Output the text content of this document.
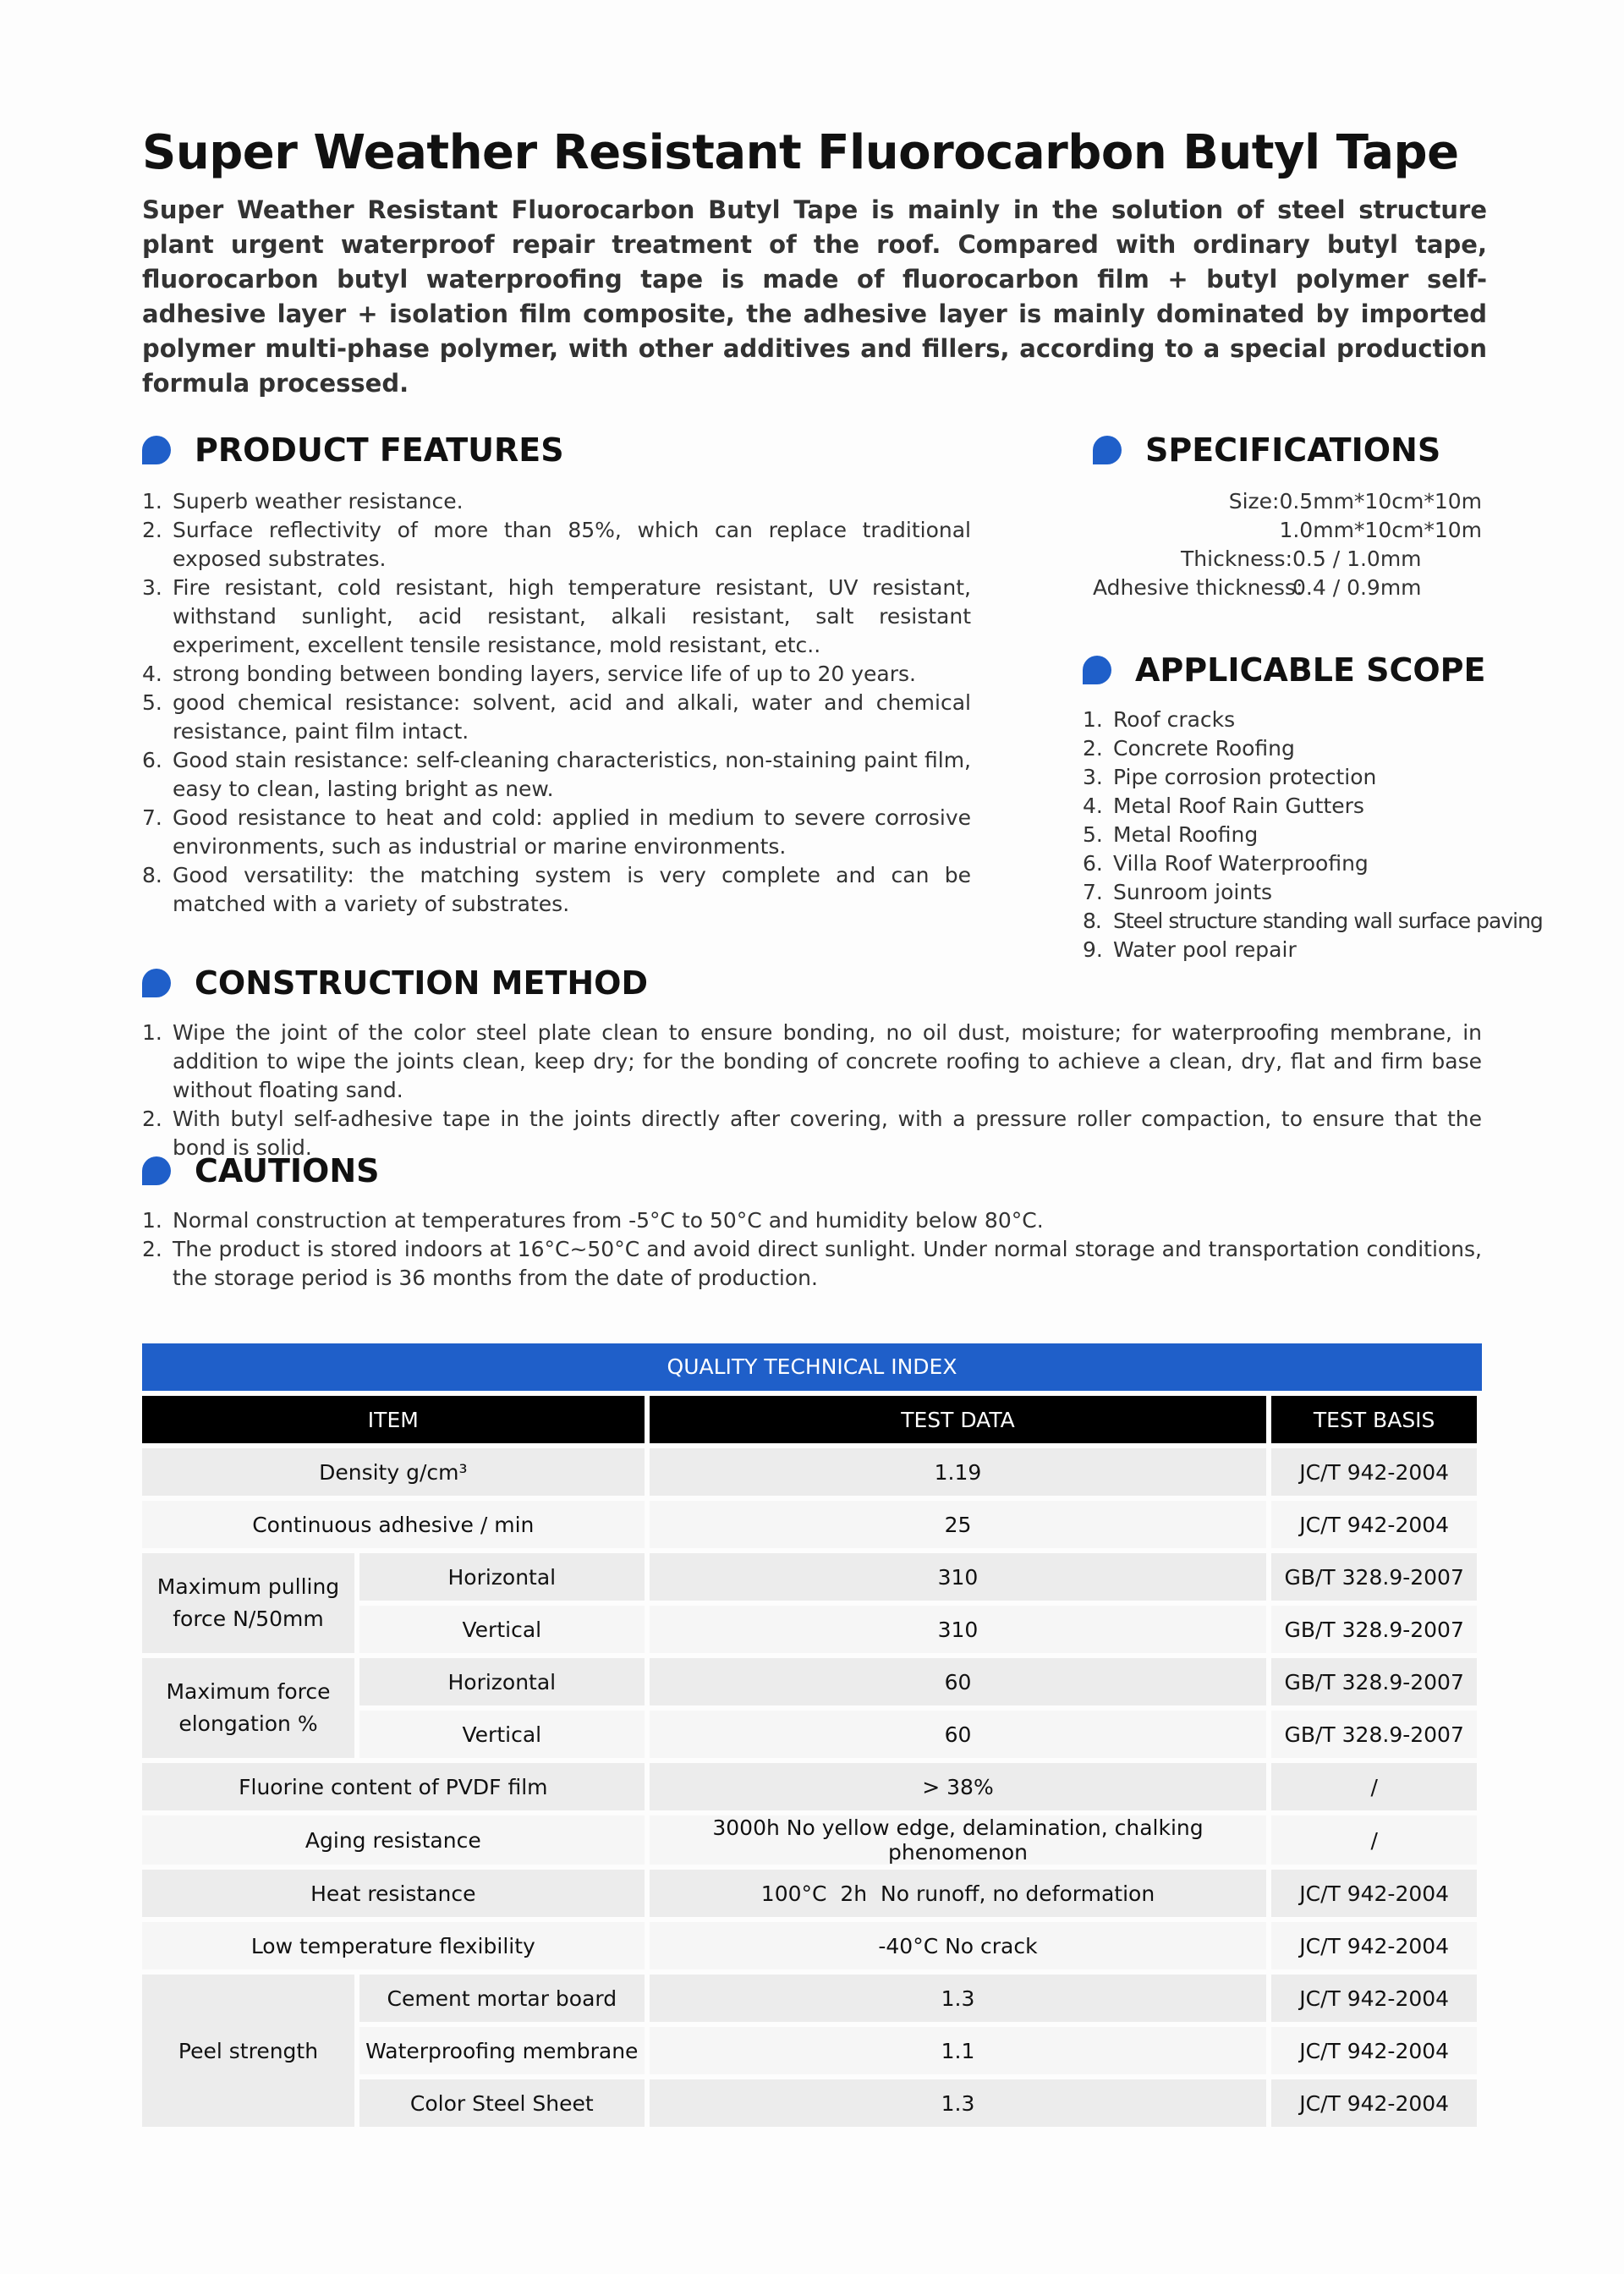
Super Weather Resistant Fluorocarbon Butyl Tape

Super Weather Resistant Fluorocarbon Butyl Tape is mainly in the solution of steel structure plant urgent waterproof repair treatment of the roof. Compared with ordinary butyl tape, fluorocarbon butyl waterproofing tape is made of fluorocarbon film + butyl polymer self-adhesive layer + isolation film composite, the adhesive layer is mainly dominated by imported polymer multi-phase polymer, with other additives and fillers, according to a special production formula processed.

PRODUCT FEATURES
1. Superb weather resistance.
2. Surface reflectivity of more than 85%, which can replace traditional exposed substrates.
3. Fire resistant, cold resistant, high temperature resistant, UV resistant, withstand sunlight, acid resistant, alkali resistant, salt resistant experiment, excellent tensile resistance, mold resistant, etc..
4. strong bonding between bonding layers, service life of up to 20 years.
5. good chemical resistance: solvent, acid and alkali, water and chemical resistance, paint film intact.
6. Good stain resistance: self-cleaning characteristics, non-staining paint film, easy to clean, lasting bright as new.
7. Good resistance to heat and cold: applied in medium to severe corrosive environments, such as industrial or marine environments.
8. Good versatility: the matching system is very complete and can be matched with a variety of substrates.
SPECIFICATIONS
Size: 0.5mm*10cm*10m
1.0mm*10cm*10m
Thickness: 0.5 / 1.0mm
Adhesive thickness:
0.4 / 0.9mm
APPLICABLE SCOPE
1. Roof cracks
2. Concrete Roofing
3. Pipe corrosion protection
4. Metal Roof Rain Gutters
5. Metal Roofing
6. Villa Roof Waterproofing
7. Sunroom joints
8. Steel structure standing wall surface paving
9. Water pool repair
CONSTRUCTION METHOD
1. Wipe the joint of the color steel plate clean to ensure bonding, no oil dust, moisture; for waterproofing membrane, in addition to wipe the joints clean, keep dry; for the bonding of concrete roofing to achieve a clean, dry, flat and firm base without floating sand.
2. With butyl self-adhesive tape in the joints directly after covering, with a pressure roller compaction, to ensure that the bond is solid.
CAUTIONS
1. Normal construction at temperatures from -5°C to 50°C and humidity below 80°C.
2. The product is stored indoors at 16°C~50°C and avoid direct sunlight. Under normal storage and transportation conditions, the storage period is 36 months from the date of production.
QUALITY TECHNICAL INDEX
ITEM		TEST DATA	TEST BASIS
Density g/cm³		1.19	JC/T 942-2004
Continuous adhesive / min		25	JC/T 942-2004
Maximum pulling force N/50mm	Horizontal	310	GB/T 328.9-2007
	Vertical	310	GB/T 328.9-2007
Maximum force elongation %	Horizontal	60	GB/T 328.9-2007
	Vertical	60	GB/T 328.9-2007
Fluorine content of PVDF film		> 38%	/
Aging resistance		3000h No yellow edge, delamination, chalking phenomenon	/
Heat resistance		100°C  2h  No runoff, no deformation	JC/T 942-2004
Low temperature flexibility		-40°C No crack	JC/T 942-2004
Peel strength	Cement mortar board	1.3	JC/T 942-2004
	Waterproofing membrane	1.1	JC/T 942-2004
	Color Steel Sheet	1.3	JC/T 942-2004
